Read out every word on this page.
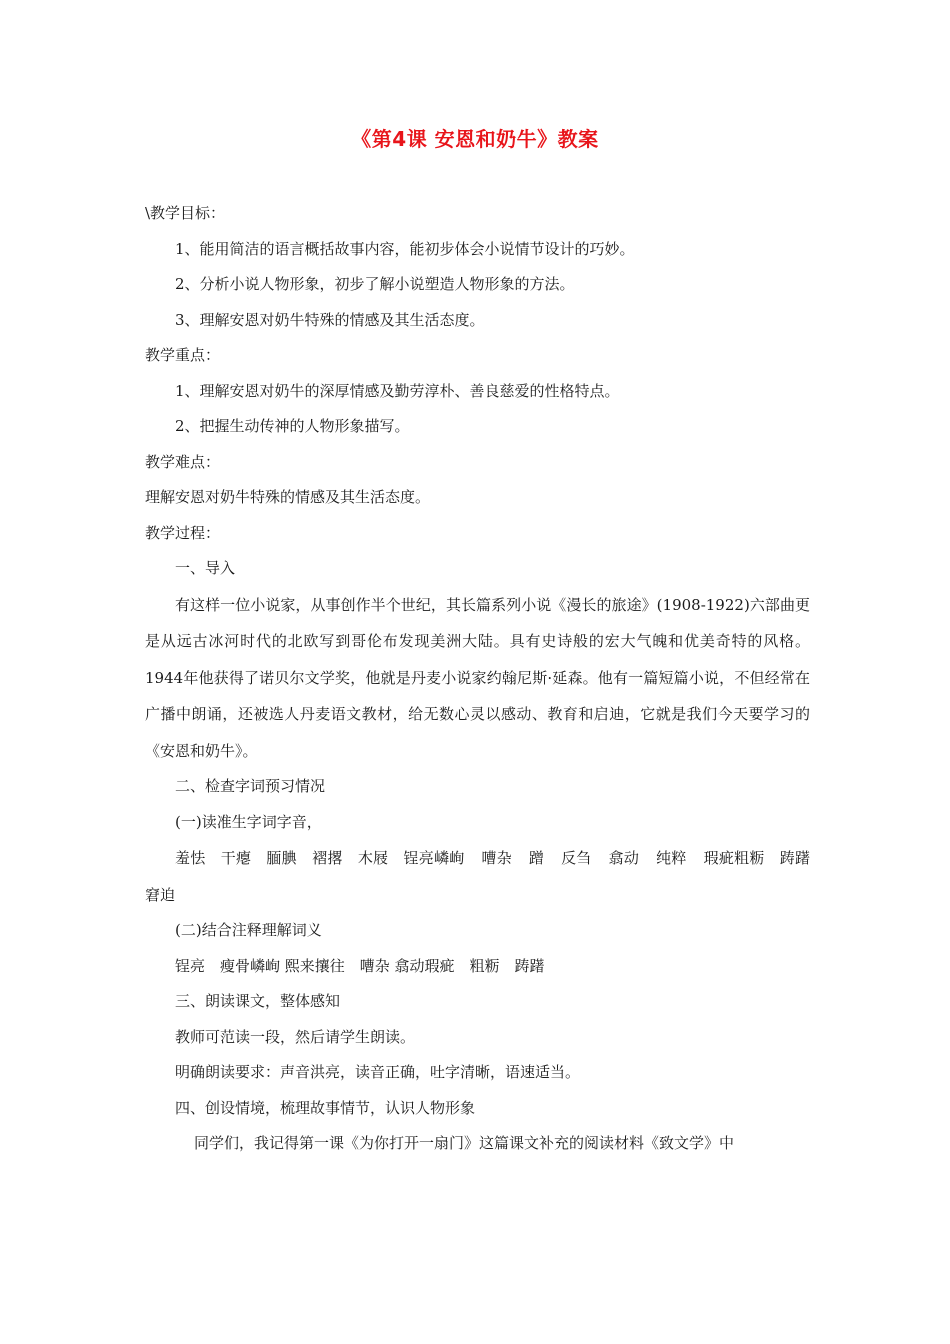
《第4课 安恩和奶牛》教案

\教学目标：

1、能用简洁的语言概括故事内容，能初步体会小说情节设计的巧妙。

2、分析小说人物形象，初步了解小说塑造人物形象的方法。

3、理解安恩对奶牛特殊的情感及其生活态度。

教学重点：

1、理解安恩对奶牛的深厚情感及勤劳淳朴、善良慈爱的性格特点。

2、把握生动传神的人物形象描写。

教学难点：

理解安恩对奶牛特殊的情感及其生活态度。

教学过程：

一、导入

有这样一位小说家，从事创作半个世纪，其长篇系列小说《漫长的旅途》(1908-1922)六部曲更是从远古冰河时代的北欧写到哥伦布发现美洲大陆。具有史诗般的宏大气魄和优美奇特的风格。1944年他获得了诺贝尔文学奖，他就是丹麦小说家约翰尼斯·延森。他有一篇短篇小说，不但经常在广播中朗诵，还被选人丹麦语文教材，给无数心灵以感动、教育和启迪，它就是我们今天要学习的《安恩和奶牛》。

二、检查字词预习情况

(一)读准生字词字音，

羞怯　干瘪　腼腆　褶撂　木屐　锃亮嶙峋 嘈杂 蹭 反刍 翕动 纯粹 瑕疵粗粝　踌躇　窘迫

(二)结合注释理解词义

锃亮　瘦骨嶙峋 熙来攘往　嘈杂 翕动瑕疵　粗粝　踌躇

三、朗读课文，整体感知

教师可范读一段，然后请学生朗读。

明确朗读要求：声音洪亮，读音正确，吐字清晰，语速适当。

四、创设情境，梳理故事情节，认识人物形象

同学们，我记得第一课《为你打开一扇门》这篇课文补充的阅读材料《致文学》中
